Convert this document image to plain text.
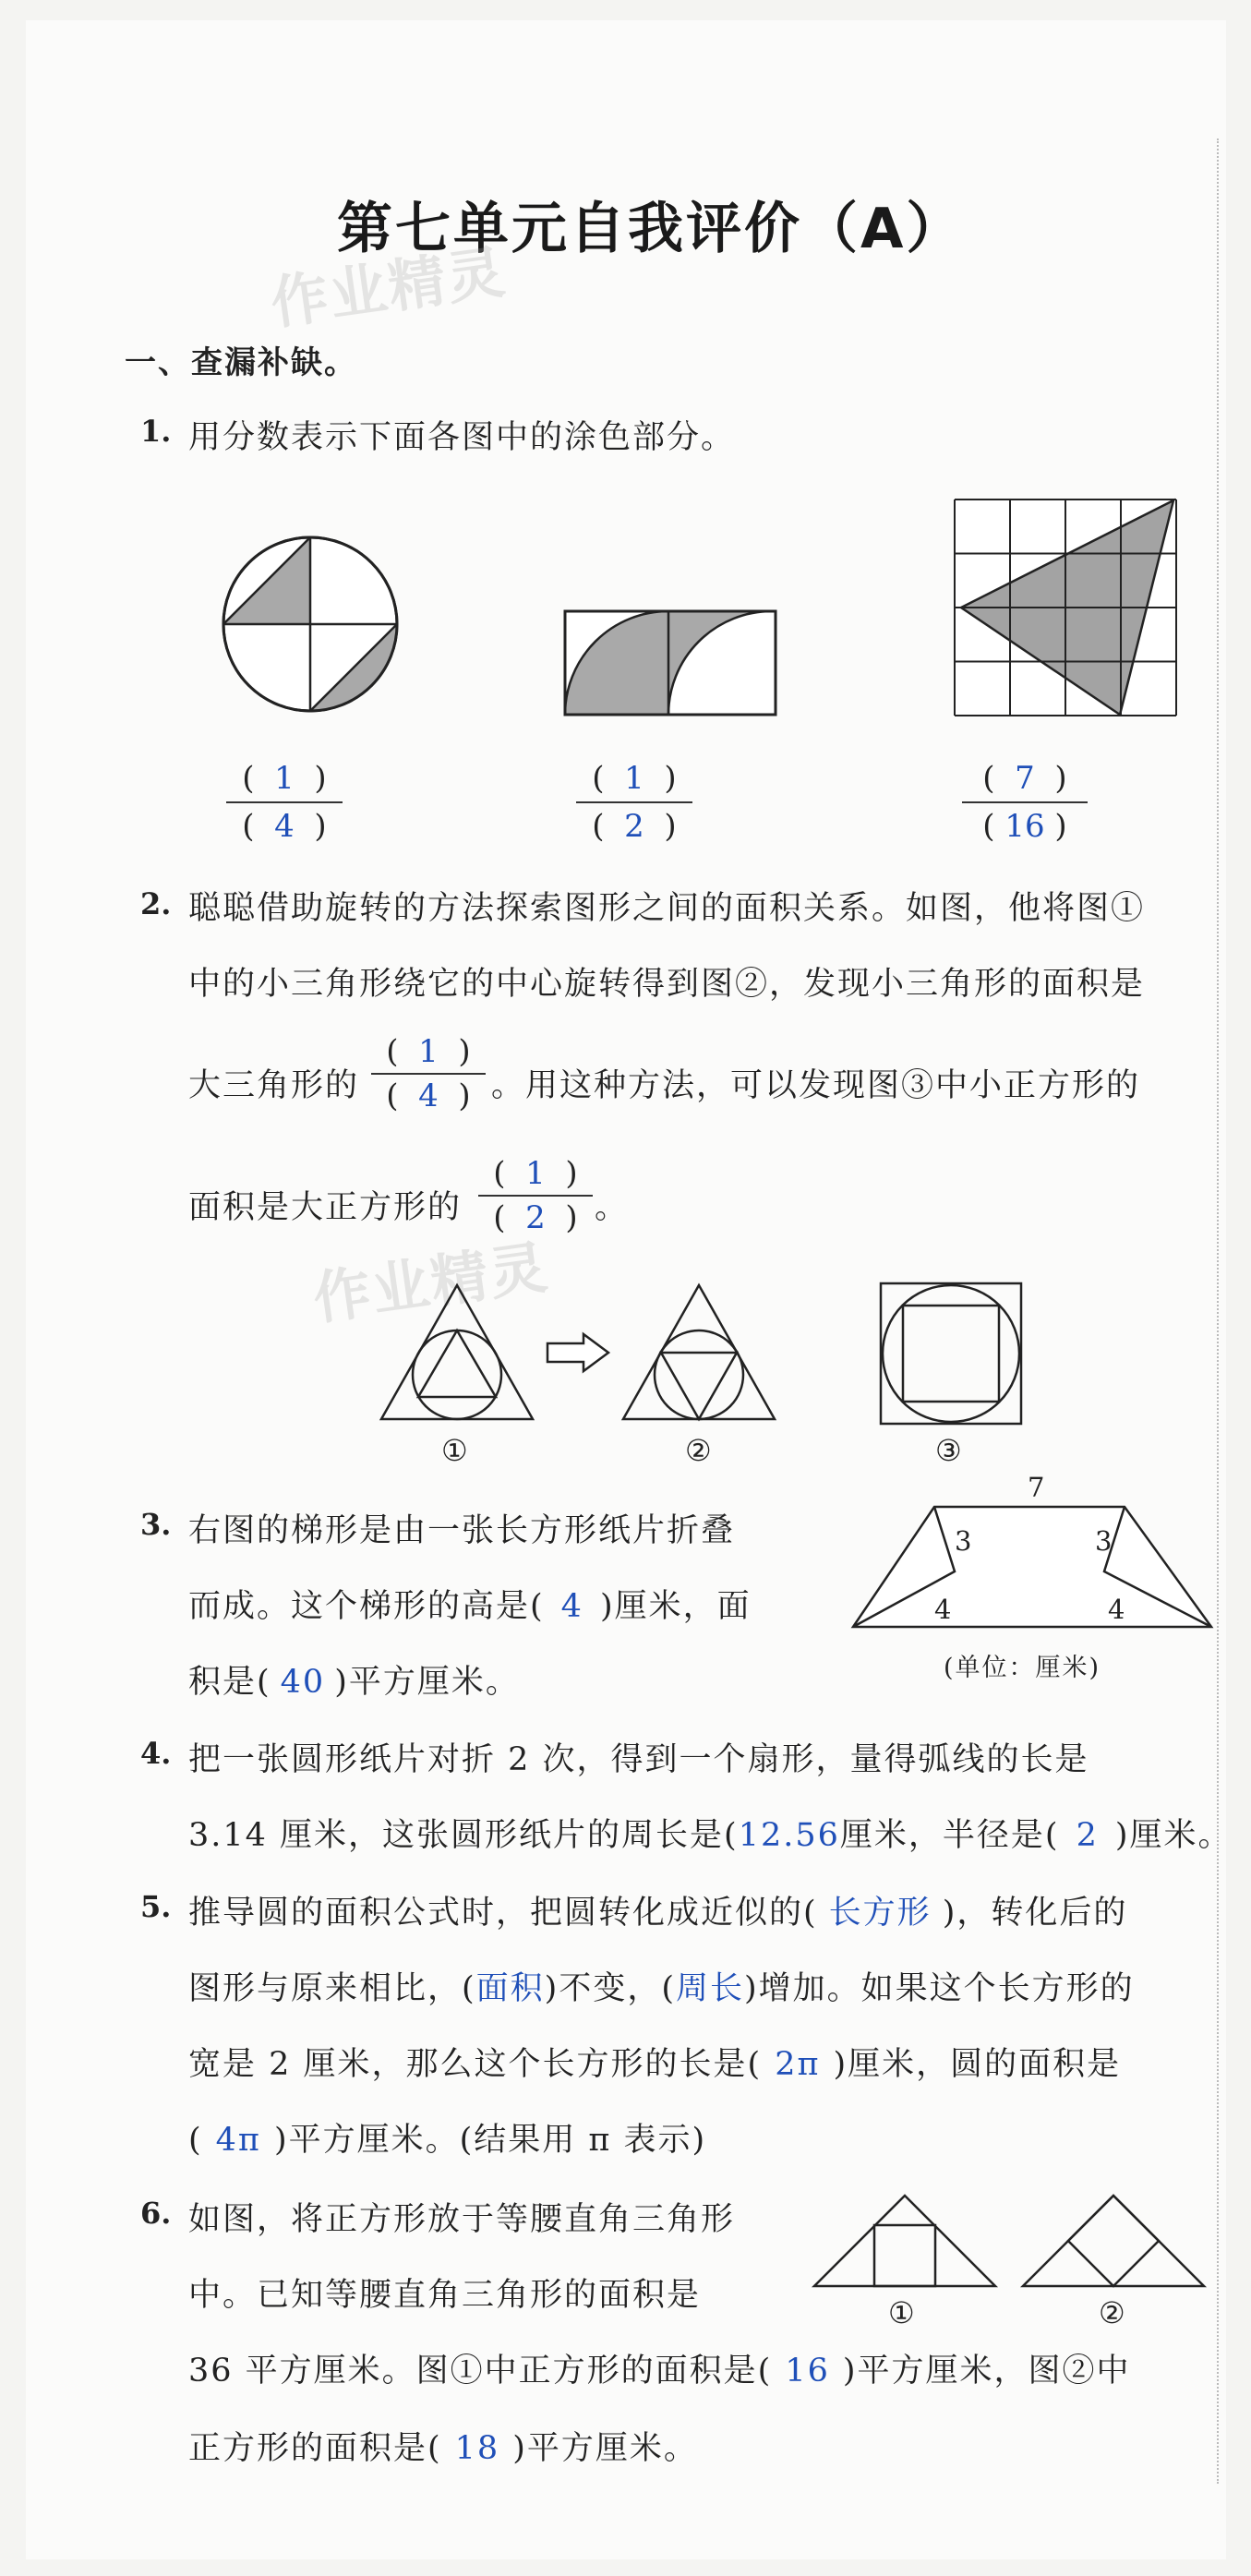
第七单元自我评价（A）
作业精灵
一、查漏补缺。
1. 用分数表示下面各图中的涂色部分。
(  1  )
(  4  )
(  1  )
(  2  )
(  7  )
( 16 )
2. 聪聪借助旋转的方法探索图形之间的面积关系。如图，他将图①
中的小三角形绕它的中心旋转得到图②，发现小三角形的面积是
大三角形的
(  1  )
(  4  ) 。用这种方法，可以发现图③中小正方形的
面积是大正方形的
(  1  )
(  2  ) 。
作业精灵
①	②	③
3. 右图的梯形是由一张长方形纸片折叠
而成。这个梯形的高是( 4 )厘米，面
积是( 40 )平方厘米。
7
3	3
4	4
(单位：厘米)
4. 把一张圆形纸片对折 2 次，得到一个扇形，量得弧线的长是
3.14 厘米，这张圆形纸片的周长是(12.56厘米，半径是( 2 )厘米。
5. 推导圆的面积公式时，把圆转化成近似的( 长方形 )，转化后的
图形与原来相比，(面积)不变，(周长)增加。如果这个长方形的
宽是 2 厘米，那么这个长方形的长是( 2π )厘米，圆的面积是
( 4π )平方厘米。(结果用 π 表示)
6. 如图，将正方形放于等腰直角三角形
中。已知等腰直角三角形的面积是
36 平方厘米。图①中正方形的面积是( 16 )平方厘米，图②中
正方形的面积是( 18 )平方厘米。
①	②
